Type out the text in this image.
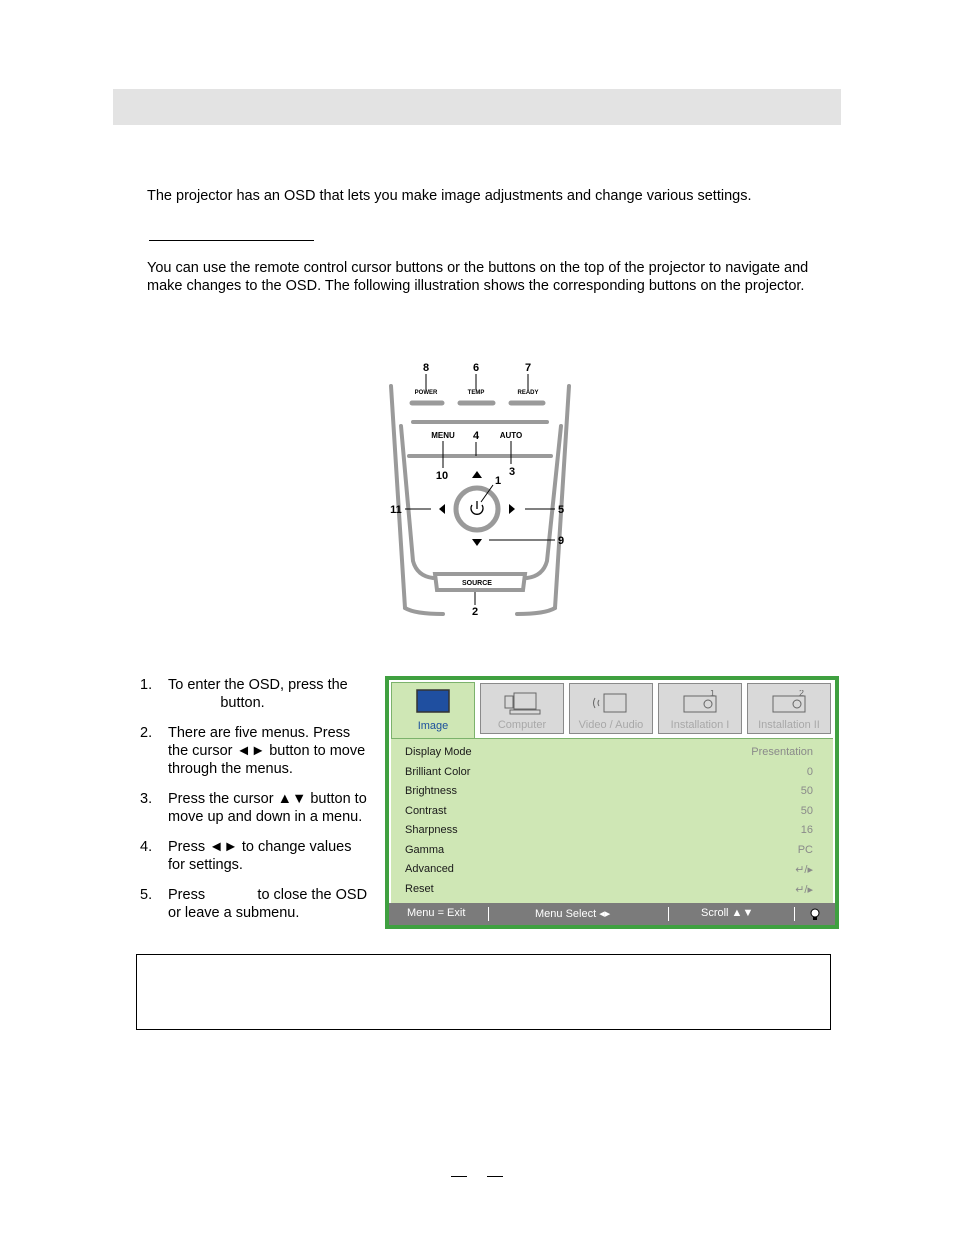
The projector has an OSD that lets you make image adjustments and change various settings.
You can use the remote control cursor buttons or the buttons on the top of the projector to navigate and make changes to the OSD. The following illustration shows the corresponding buttons on the projector.
8	6	7
POWER	TEMP	READY
MENU	AUTO
SOURCE
4
10	3
1
11	5
9
2
1. To enter the OSD, press the              button.
2. There are five menus. Press the cursor ◄► button to move through the menus.
3. Press the cursor ▲▼ button to move up and down in a menu.
4. Press ◄► to change values for settings.
5. Press             to close the OSD or leave a submenu.
Image	Computer	Video / Audio
1
Installation I
2
Installation II
Display Mode	Presentation
Brilliant Color	0
Brightness	50
Contrast	50
Sharpness	16
Gamma	PC
Advanced	↵/▸
Reset	↵/▸
Menu = Exit	Menu Select ◂▸	Scroll ▲▼
